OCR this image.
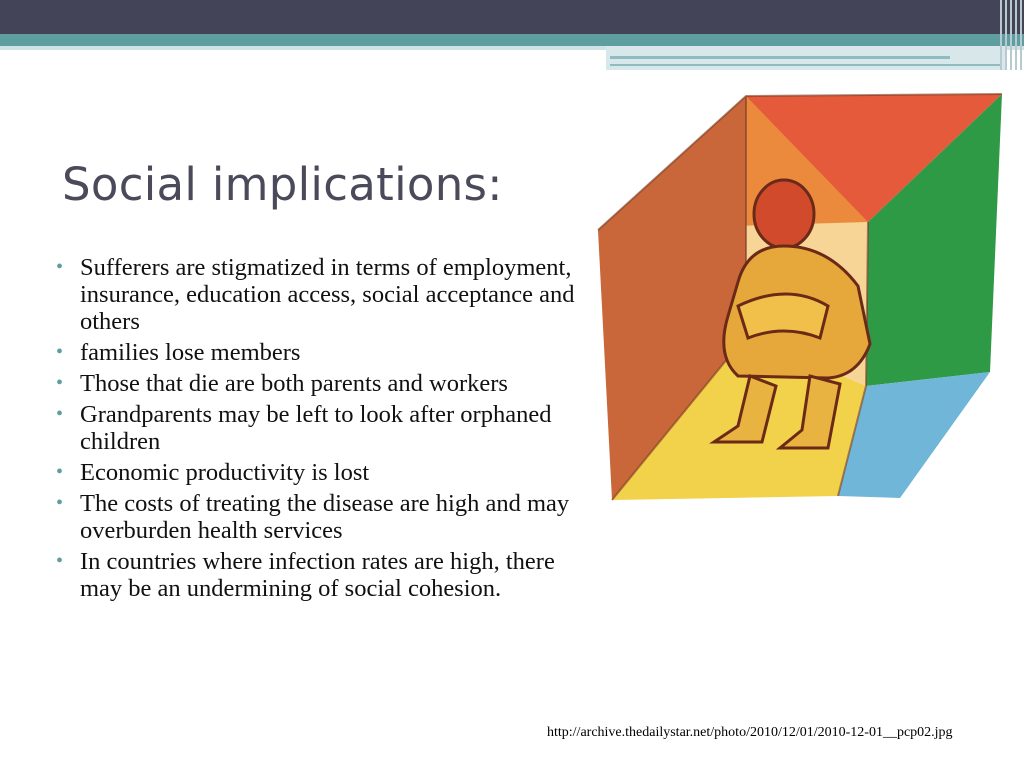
Social implications:
• Sufferers are stigmatized in terms of employment, insurance, education access, social acceptance and others
• families lose members
• Those that die are both parents and workers
• Grandparents may be left to look after orphaned children
• Economic productivity is lost
• The costs of treating the disease are high and may overburden health services
• In countries where infection rates are high, there may be an undermining of social cohesion.

http://archive.thedailystar.net/photo/2010/12/01/2010-12-01__pcp02.jpg
